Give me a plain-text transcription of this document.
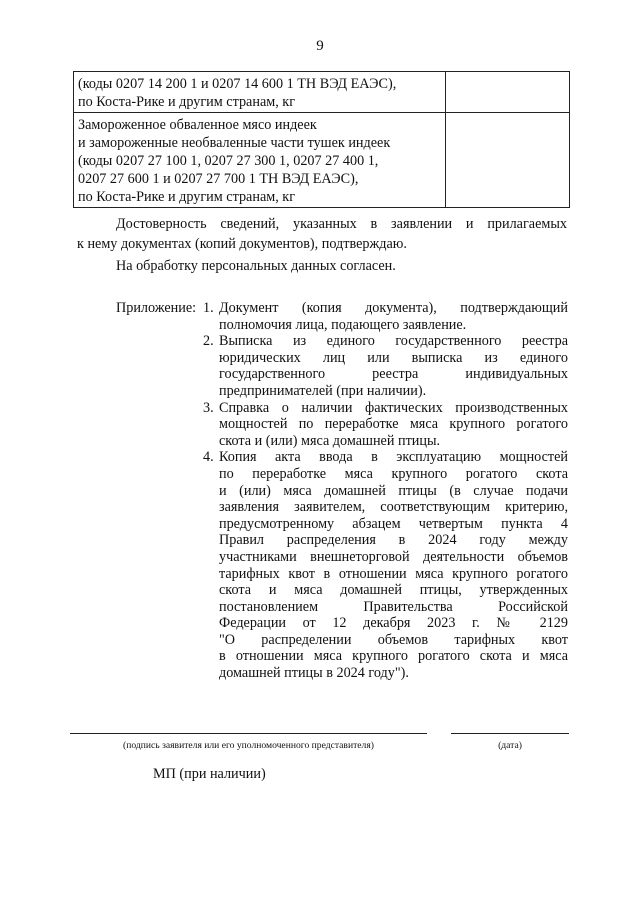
9
(коды 0207 14 200 1 и 0207 14 600 1 ТН ВЭД ЕАЭС),
по Коста-Рике и другим странам, кг	

Замороженное обваленное мясо индеек
и замороженные необваленные части тушек индеек
(коды 0207 27 100 1, 0207 27 300 1, 0207 27 400 1,
0207 27 600 1 и 0207 27 700 1 ТН ВЭД ЕАЭС),
по Коста-Рике и другим странам, кг	

Достоверность сведений, указанных в заявлении и прилагаемых
к нему документах (копий документов), подтверждаю.
На обработку персональных данных согласен.
Приложение: 1. Документ (копия документа), подтверждающий
полномочия лица, подающего заявление.
2. Выписка из единого государственного реестра
юридических лиц или выписка из единого
государственного реестра индивидуальных
предпринимателей (при наличии).
3. Справка о наличии фактических производственных
мощностей по переработке мяса крупного рогатого
скота и (или) мяса домашней птицы.
4. Копия акта ввода в эксплуатацию мощностей
по переработке мяса крупного рогатого скота
и (или) мяса домашней птицы (в случае подачи
заявления заявителем, соответствующим критерию,
предусмотренному абзацем четвертым пункта 4
Правил распределения в 2024 году между
участниками внешнеторговой деятельности объемов
тарифных квот в отношении мяса крупного рогатого
скота и мяса домашней птицы, утвержденных
постановлением Правительства Российской
Федерации от 12 декабря 2023 г. № 2129
"О распределении объемов тарифных квот
в отношении мяса крупного рогатого скота и мяса
домашней птицы в 2024 году").
(подпись заявителя или его уполномоченного представителя)	(дата)
МП (при наличии)
